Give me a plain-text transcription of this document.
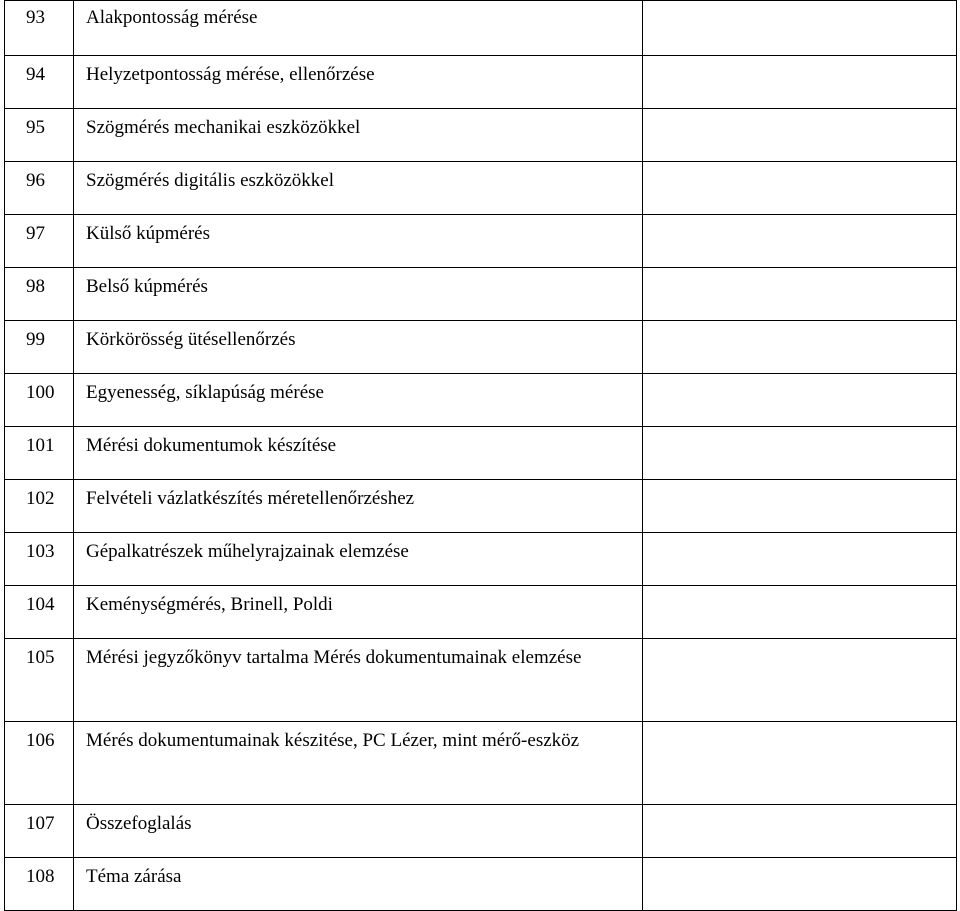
93	Alakpontosság mérése	
94	Helyzetpontosság mérése, ellenőrzése	
95	Szögmérés mechanikai eszközökkel	
96	Szögmérés digitális eszközökkel	
97	Külső kúpmérés	
98	Belső kúpmérés	
99	Körkörösség ütésellenőrzés	
100	Egyenesség, síklapúság mérése	
101	Mérési dokumentumok készítése	
102	Felvételi vázlatkészítés méretellenőrzéshez	
103	Gépalkatrészek műhelyrajzainak elemzése	
104	Keménységmérés, Brinell, Poldi	
105	Mérési jegyzőkönyv tartalma Mérés dokumentumainak elemzése	
106	Mérés dokumentumainak készitése, PC Lézer, mint mérő-eszköz	
107	Összefoglalás	
108	Téma zárása	
